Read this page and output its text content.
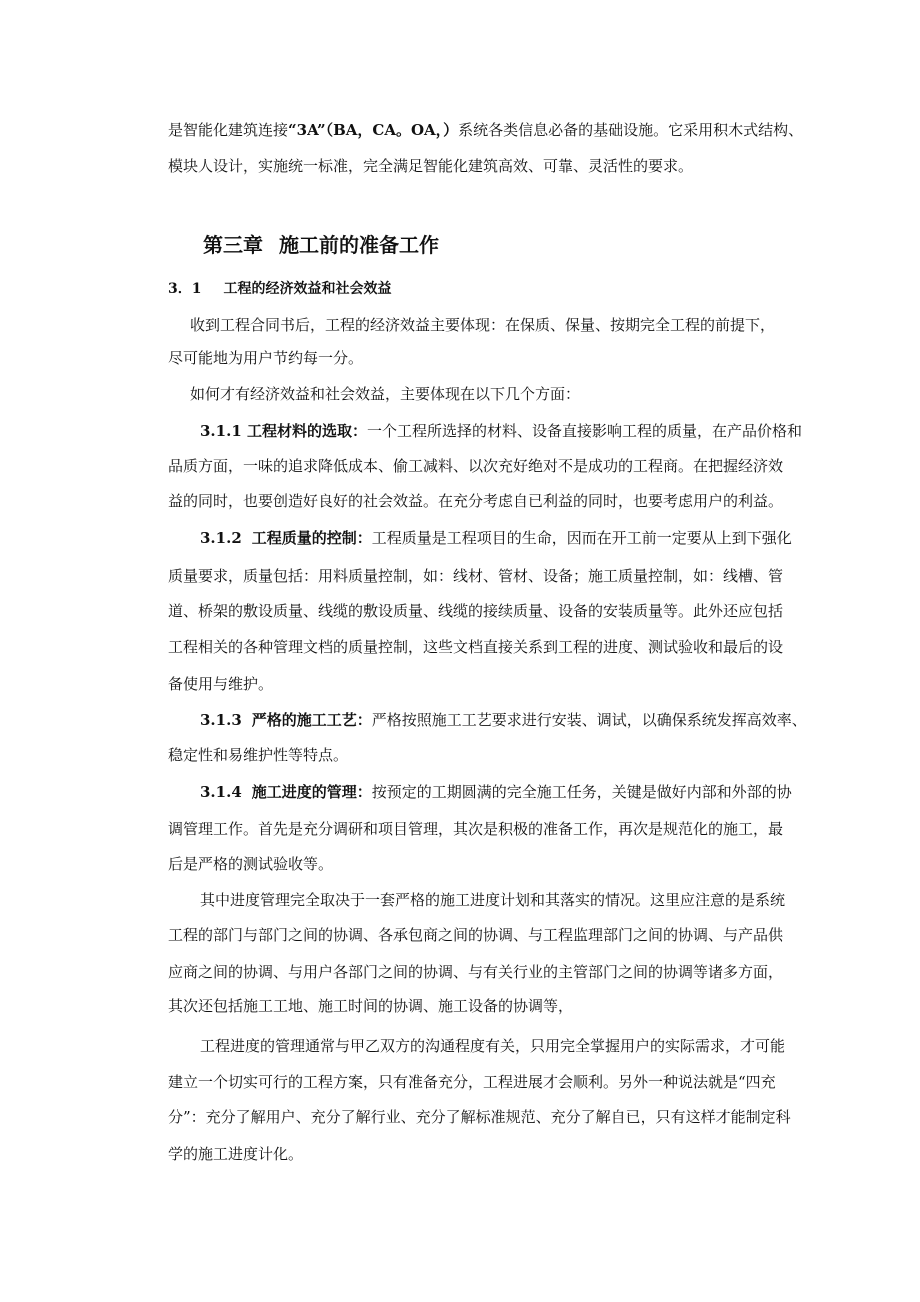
是智能化建筑连接“3A”（BA，CA。OA，）系统各类信息必备的基础设施。它采用积木式结构、
模块人设计，实施统一标准，完全满足智能化建筑高效、可靠、灵活性的要求。
第三章 施工前的准备工作
3．1 工程的经济效益和社会效益
收到工程合同书后，工程的经济效益主要体现：在保质、保量、按期完全工程的前提下，
尽可能地为用户节约每一分。
如何才有经济效益和社会效益，主要体现在以下几个方面：
3.1.1 工程材料的选取：一个工程所选择的材料、设备直接影响工程的质量，在产品价格和
品质方面，一味的追求降低成本、偷工减料、以次充好绝对不是成功的工程商。在把握经济效
益的同时，也要创造好良好的社会效益。在充分考虑自已利益的同时，也要考虑用户的利益。
3.1.2 工程质量的控制：工程质量是工程项目的生命，因而在开工前一定要从上到下强化
质量要求，质量包括：用料质量控制，如：线材、管材、设备；施工质量控制，如：线槽、管
道、桥架的敷设质量、线缆的敷设质量、线缆的接续质量、设备的安装质量等。此外还应包括
工程相关的各种管理文档的质量控制，这些文档直接关系到工程的进度、测试验收和最后的设
备使用与维护。
3.1.3 严格的施工工艺：严格按照施工工艺要求进行安装、调试，以确保系统发挥高效率、
稳定性和易维护性等特点。
3.1.4 施工进度的管理：按预定的工期圆满的完全施工任务，关键是做好内部和外部的协
调管理工作。首先是充分调研和项目管理，其次是积极的准备工作，再次是规范化的施工，最
后是严格的测试验收等。
其中进度管理完全取决于一套严格的施工进度计划和其落实的情况。这里应注意的是系统
工程的部门与部门之间的协调、各承包商之间的协调、与工程监理部门之间的协调、与产品供
应商之间的协调、与用户各部门之间的协调、与有关行业的主管部门之间的协调等诸多方面，
其次还包括施工工地、施工时间的协调、施工设备的协调等，
工程进度的管理通常与甲乙双方的沟通程度有关，只用完全掌握用户的实际需求，才可能
建立一个切实可行的工程方案，只有准备充分，工程进展才会顺利。另外一种说法就是“四充
分”：充分了解用户、充分了解行业、充分了解标准规范、充分了解自已，只有这样才能制定科
学的施工进度计化。
